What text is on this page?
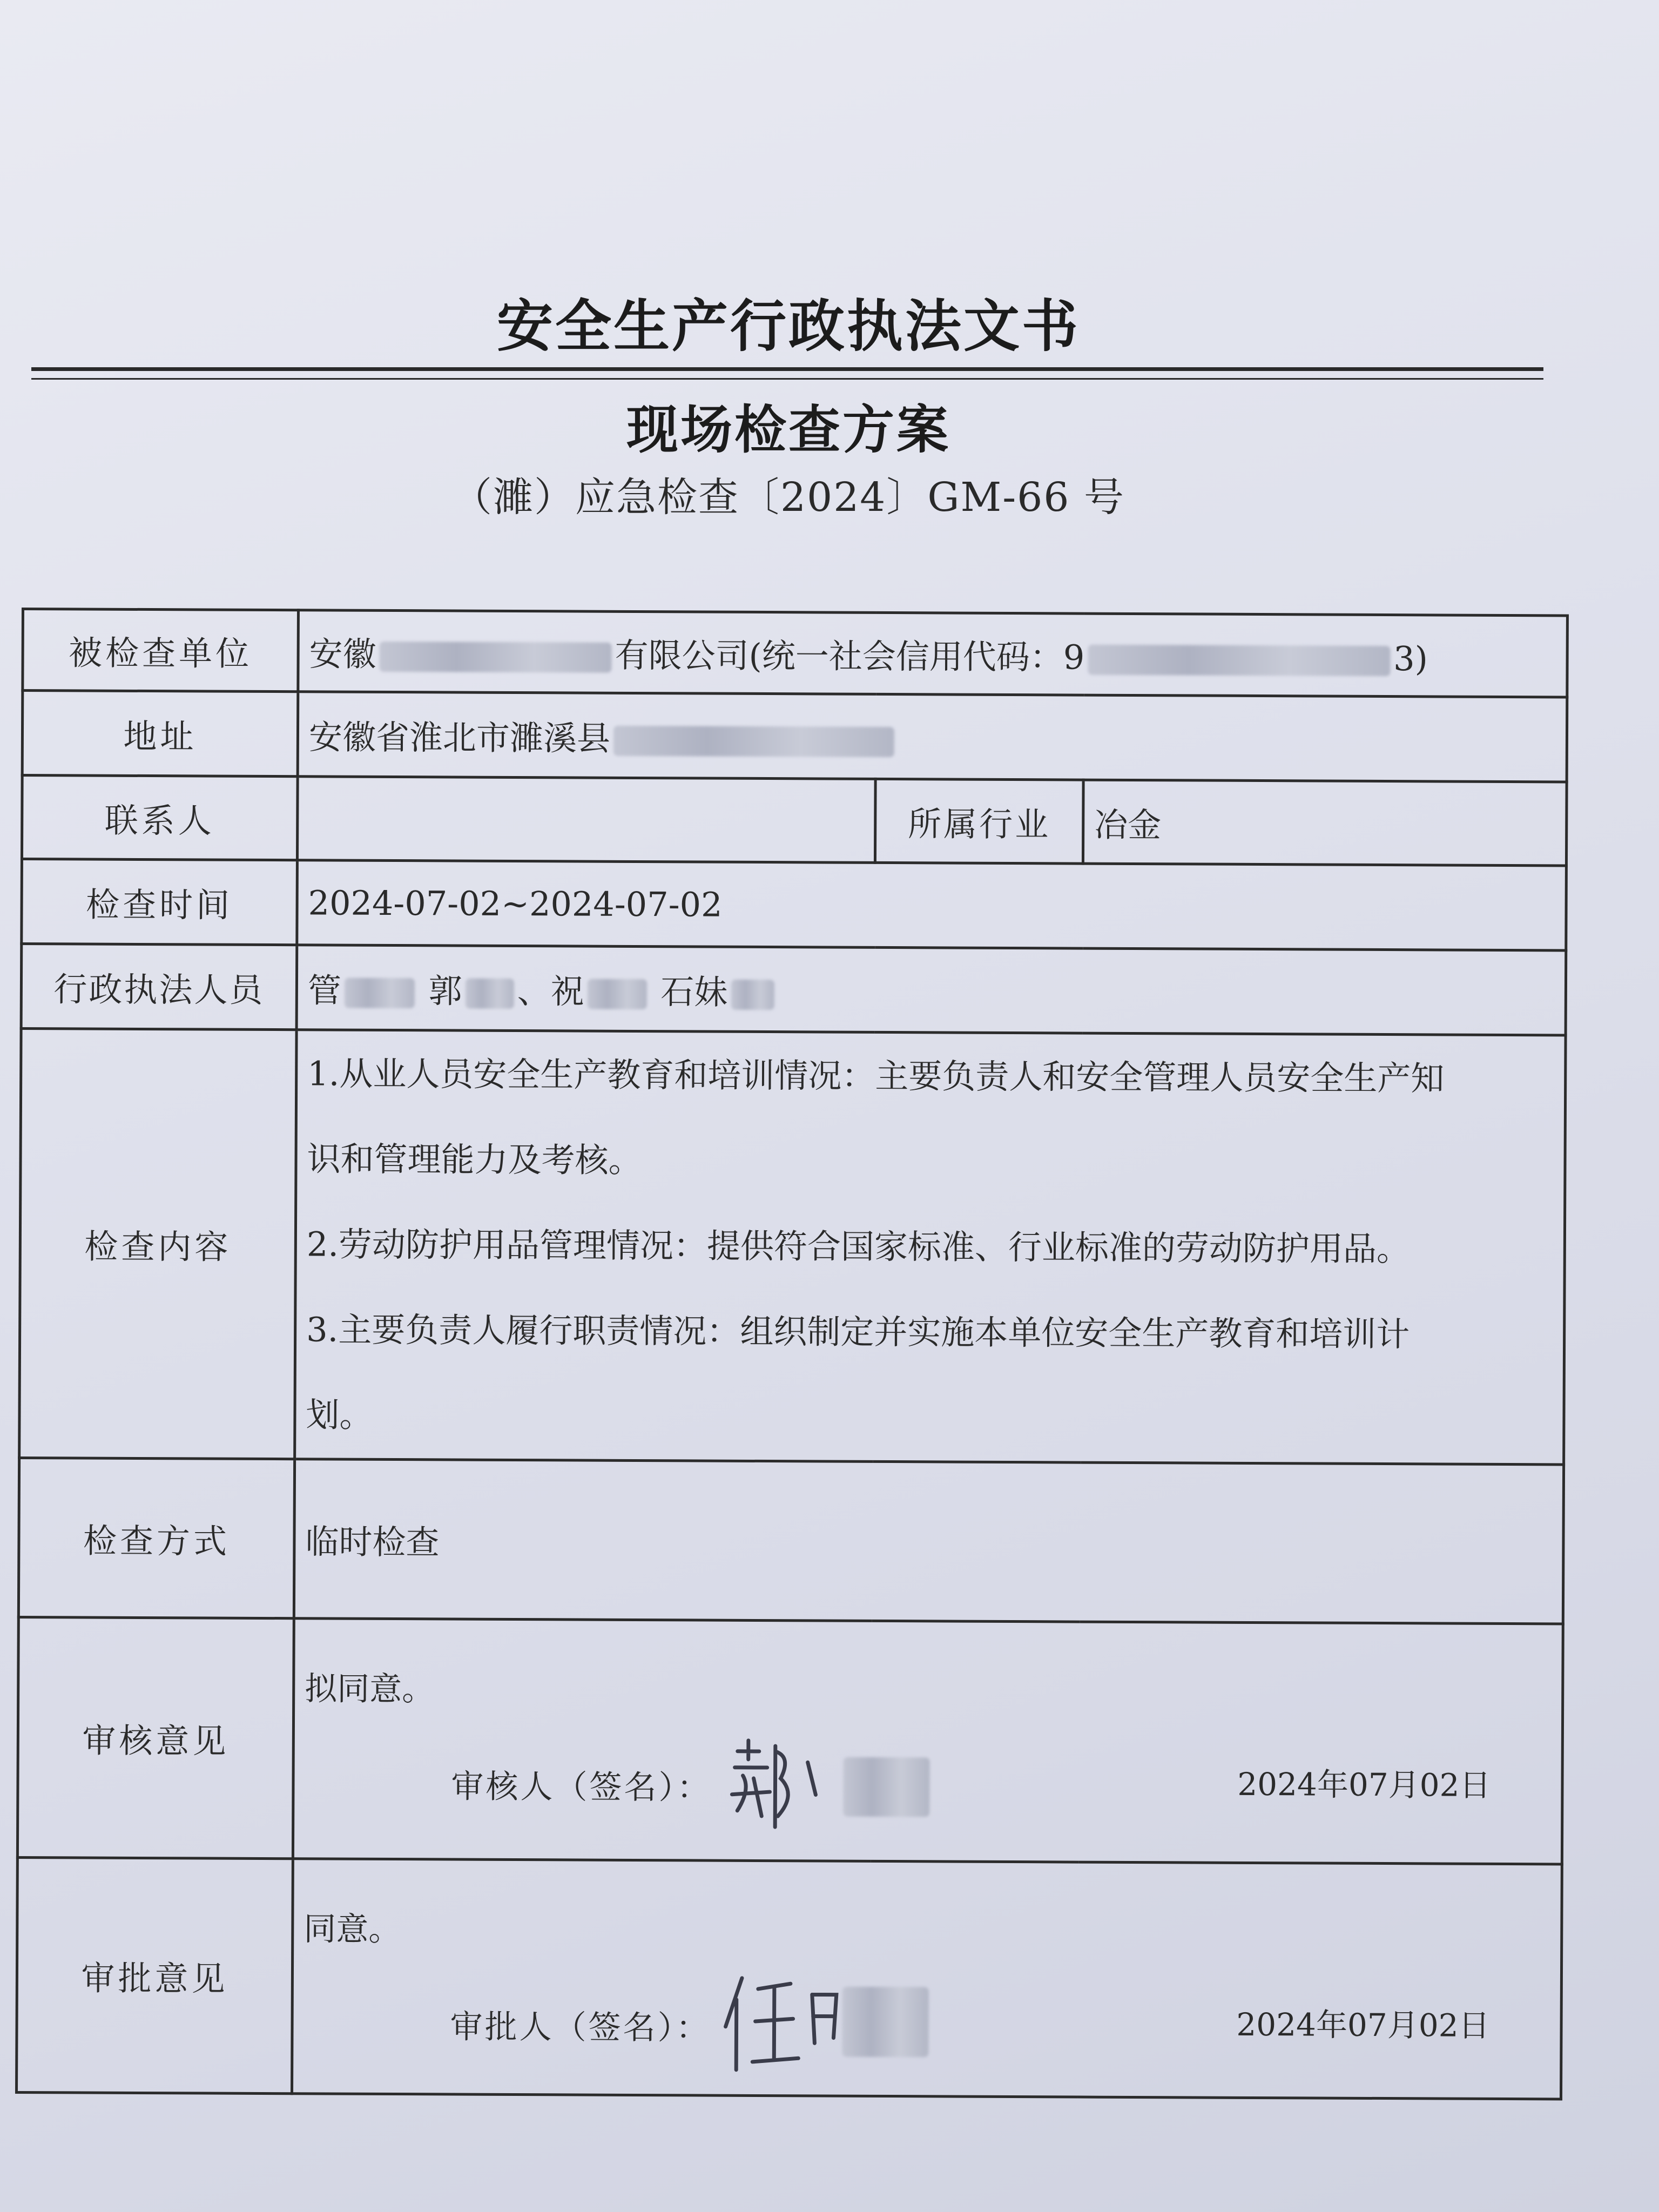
安全生产行政执法文书
现场检查方案
（濉）应急检查〔2024〕GM-66 号
被检查单位	安徽 有限公司(统一社会信用代码：9 3)		
地址	安徽省淮北市濉溪县		
联系人		所属行业	冶金
检查时间	2024-07-02~2024-07-02		
行政执法人员	管 郭 、祝 石妹		
检查内容	1.从业人员安全生产教育和培训情况：主要负责人和安全管理人员安全生产知

识和管理能力及考核。

2.劳动防护用品管理情况：提供符合国家标准、行业标准的劳动防护用品。

3.主要负责人履行职责情况：组织制定并实施本单位安全生产教育和培训计

划。		

检查方式	临时检查		
审核意见	拟同意。
审核人（签名）： 2024年07月02日		

审批意见	同意。
审批人（签名）： 2024年07月02日		
